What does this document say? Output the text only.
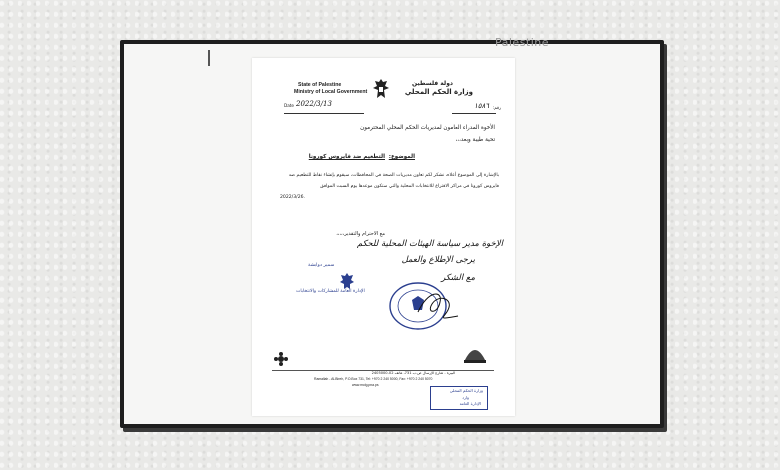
Palestine
State of Palestine
Ministry of Local Government
دولة فلسطين
وزارة الحكم المحلي
Date 2022/3/13	رقم:
١٥٨٦
الأخوة المدراء العامون لمديريات الحكم المحلي المحترمون
تحية طيبة وبعد،،،
الموضوع:
التطعيم ضد فايروس كورونا
بالإشارة إلى الموضوع أعلاه، نشكر لكم تعاون مديريات الصحة في المحافظات، سيقوم بإنشاء نقاط للتطعيم ضد
فايروس كورونا في مراكز الاقتراع للانتخابات المحلية والتي ستكون موعدها يوم السبت الموافق
2022/3/26.
مع الاحترام والتقدير،،،،،
الإخوة مدير سياسة الهيئات المحلية للحكم
يرجى الإطلاع والعمل
مع الشكر
سمير دوابشة
الإدارة العامة للمشاركات والانتخابات
البيرة - شارع الإرسال ص.ب 731، هاتف 02-2405000
Ramallah - Al-Bireh, P.O.Box 731, Tel: +970 2 240 5000, Fax: +970 2 240 5070
www.molg.pna.ps
وزارة الحكم المحلي
وارد
الإدارة العامة
